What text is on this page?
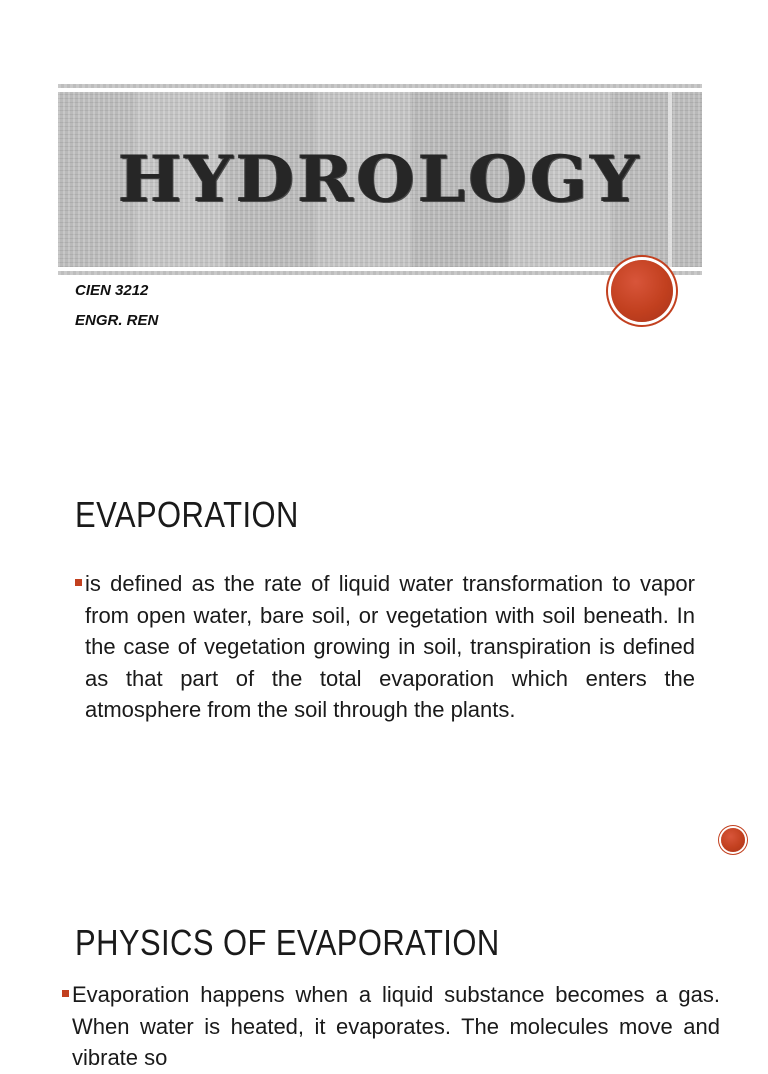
HYDROLOGY
CIEN 3212
ENGR. REN
EVAPORATION
is defined as the rate of liquid water transformation to vapor from open water, bare soil, or vegetation with soil beneath. In the case of vegetation growing in soil, transpiration is defined as that part of the total evaporation which enters the atmosphere from the soil through the plants.
PHYSICS OF EVAPORATION
Evaporation happens when a liquid substance becomes a gas. When water is heated, it evaporates. The molecules move and vibrate so
